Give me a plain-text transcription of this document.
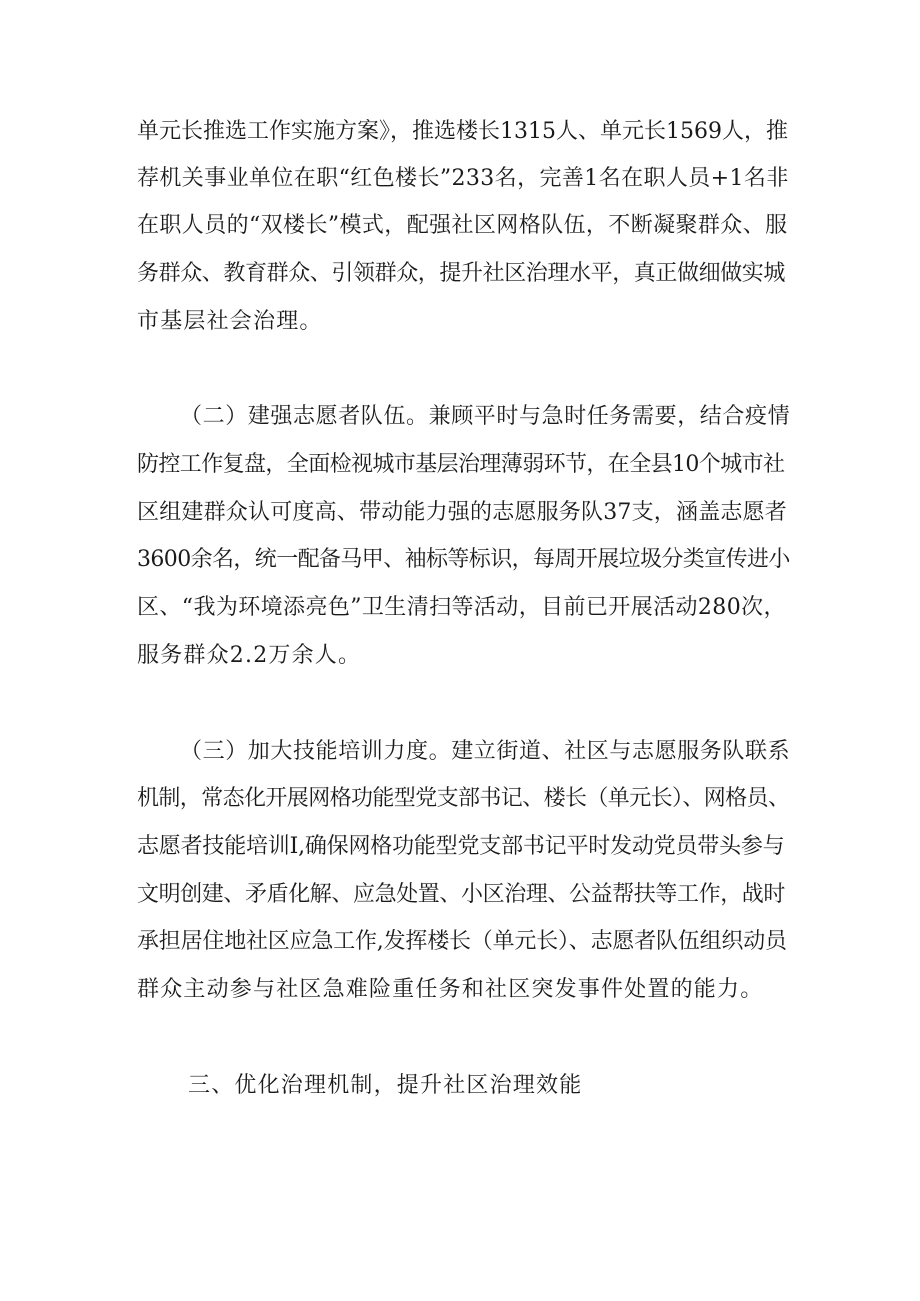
单元长推选工作实施方案》，推选楼长1315人、单元长1569人，推
荐机关事业单位在职“红色楼长”233名，完善1名在职人员+1名非
在职人员的“双楼长”模式，配强社区网格队伍，不断凝聚群众、服
务群众、教育群众、引领群众，提升社区治理水平，真正做细做实城
市基层社会治理。
（二）建强志愿者队伍。兼顾平时与急时任务需要，结合疫情
防控工作复盘，全面检视城市基层治理薄弱环节，在全县10个城市社
区组建群众认可度高、带动能力强的志愿服务队37支，涵盖志愿者
3600余名，统一配备马甲、袖标等标识，每周开展垃圾分类宣传进小
区、“我为环境添亮色”卫生清扫等活动，目前已开展活动280次，
服务群众2.2万余人。
（三）加大技能培训力度。建立街道、社区与志愿服务队联系
机制，常态化开展网格功能型党支部书记、楼长（单元长）、网格员、
志愿者技能培训I,确保网格功能型党支部书记平时发动党员带头参与
文明创建、矛盾化解、应急处置、小区治理、公益帮扶等工作，战时
承担居住地社区应急工作,发挥楼长（单元长）、志愿者队伍组织动员
群众主动参与社区急难险重任务和社区突发事件处置的能力。
三、优化治理机制，提升社区治理效能
